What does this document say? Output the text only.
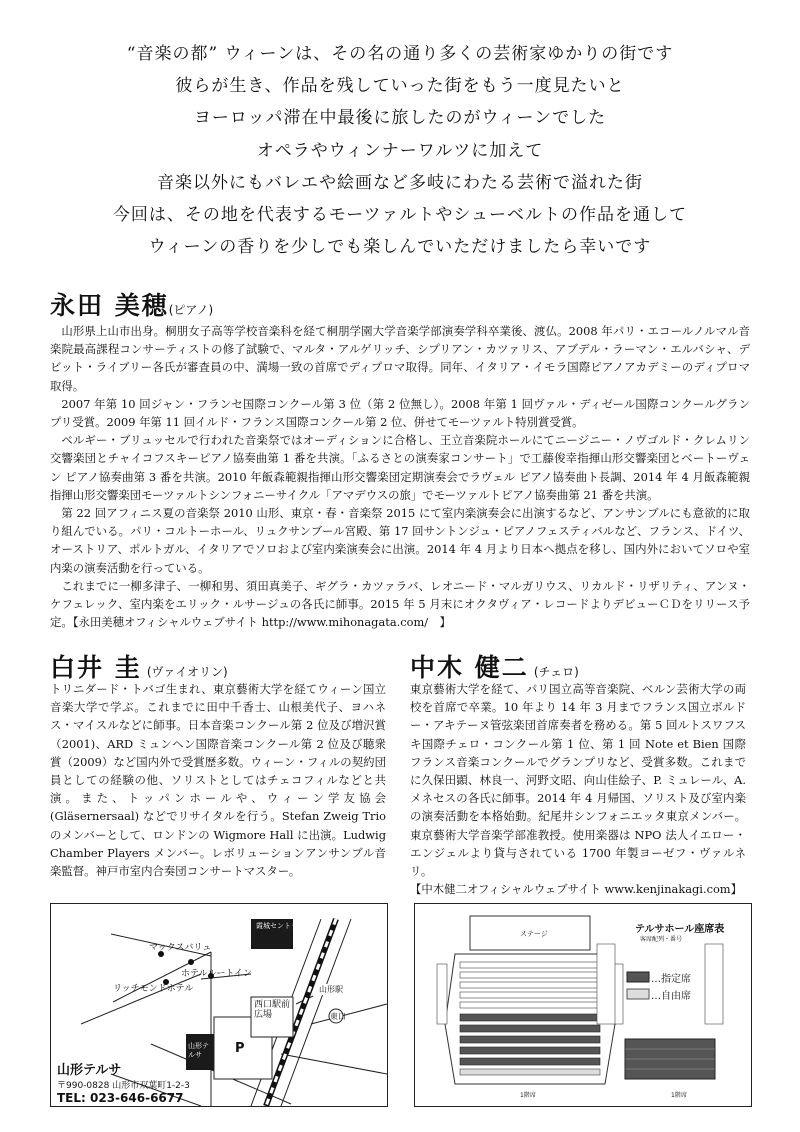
“音楽の都” ウィーンは、その名の通り多くの芸術家ゆかりの街です
彼らが生き、作品を残していった街をもう一度見たいと
ヨーロッパ滞在中最後に旅したのがウィーンでした
オペラやウィンナーワルツに加えて
音楽以外にもバレエや絵画など多岐にわたる芸術で溢れた街
今回は、その地を代表するモーツァルトやシューベルトの作品を通して
ウィーンの香りを少しでも楽しんでいただけましたら幸いです
永田 美穂(ピアノ)

山形県上山市出身。桐朋女子高等学校音楽科を経て桐朋学園大学音楽学部演奏学科卒業後、渡仏。2008 年パリ・エコールノルマル音楽院最高課程コンサーティストの修了試験で、マルタ・アルゲリッチ、シプリアン・カツァリス、アブデル・ラーマン・エルバシャ、デビット・ライブリー各氏が審査員の中、満場一致の首席でディプロマ取得。同年、イタリア・イモラ国際ピアノアカデミーのディプロマ取得。

2007 年第 10 回ジャン・フランセ国際コンクール第 3 位（第 2 位無し）。2008 年第 1 回ヴァル・ディゼール国際コンクールグランプリ受賞。2009 年第 11 回イルド・フランス国際コンクール第 2 位、併せてモーツァルト特別賞受賞。

ベルギー・ブリュッセルで行われた音楽祭ではオーディションに合格し、王立音楽院ホールにてニージニー・ノヴゴルド・クレムリン交響楽団とチャイコフスキーピアノ協奏曲第 1 番を共演。「ふるさとの演奏家コンサート」で工藤俊幸指揮山形交響楽団とベートーヴェン ピアノ協奏曲第 3 番を共演。2010 年飯森範親指揮山形交響楽団定期演奏会でラヴェル ピアノ協奏曲ト長調、2014 年 4 月飯森範親指揮山形交響楽団モーツァルトシンフォニーサイクル「アマデウスの旅」でモーツァルトピアノ協奏曲第 21 番を共演。

第 22 回アフィニス夏の音楽祭 2010 山形、東京・春・音楽祭 2015 にて室内楽演奏会に出演するなど、アンサンブルにも意欲的に取り組んでいる。パリ・コルトーホール、リュクサンブール宮殿、第 17 回サントンジュ・ピアノフェスティバルなど、フランス、ドイツ、オーストリア、ポルトガル、イタリアでソロおよび室内楽演奏会に出演。2014 年 4 月より日本へ拠点を移し、国内外においてソロや室内楽の演奏活動を行っている。

これまでに一柳多津子、一柳和男、須田真美子、ギグラ・カツァラバ、レオニード・マルガリウス、リカルド・リザリティ、アンヌ・ケフェレック、室内楽をエリック・ルサージュの各氏に師事。2015 年 5 月末にオクタヴィア・レコードよりデビューＣＤをリリース予定。【永田美穂オフィシャルウェブサイト http://www.mihonagata.com/　】

白井 圭 (ヴァイオリン)

トリニダード・トバゴ生まれ、東京藝術大学を経てウィーン国立音楽大学で学ぶ。これまでに田中千香士、山根美代子、ヨハネス・マイスルなどに師事。日本音楽コンクール第 2 位及び増沢賞（2001)、ARD ミュンヘン国際音楽コンクール第 2 位及び聴衆賞（2009）など国内外で受賞歴多数。ウィーン・フィルの契約団員としての経験の他、ソリストとしてはチェコフィルなどと共演。また、トッパンホールや、ウィーン学友協会 (Gläsernersaal) などでリサイタルを行う。Stefan Zweig Trio のメンバーとして、ロンドンの Wigmore Hall に出演。Ludwig Chamber Players メンバー。レボリューションアンサンブル音楽監督。神戸市室内合奏団コンサートマスター。

中木 健二 (チェロ)

東京藝術大学を経て、パリ国立高等音楽院、ベルン芸術大学の両校を首席で卒業。10 年より 14 年 3 月までフランス国立ボルドー・アキテーヌ管弦楽団首席奏者を務める。第 5 回ルトスワフスキ国際チェロ・コンクール第 1 位、第 1 回 Note et Bien 国際フランス音楽コンクールでグランプリなど、受賞多数。これまでに久保田顕、林良一、河野文昭、向山佳絵子、P. ミュレール、A. メネセスの各氏に師事。2014 年 4 月帰国、ソリスト及び室内楽の演奏活動を本格始動。紀尾井シンフォニエッタ東京メンバー。東京藝術大学音楽学部准教授。使用楽器は NPO 法人イエロー・エンジェルより貸与されている 1700 年製ヨーゼフ・ヴァルネリ。

【中木健二オフィシャルウェブサイト www.kenjinakagi.com】

霞城セントラル
マックスバリュ
ホテルルートイン
リッチモンドホテル
西口駅前広場
山形駅
東口
山形テルサ	P
山形テルサ
〒990-0828 山形市双葉町1-2-3
TEL: 023-646-6677
ステージ	テルサホール座席表
客席配列・番号
…指定席
…自由席
1階席	1階席
